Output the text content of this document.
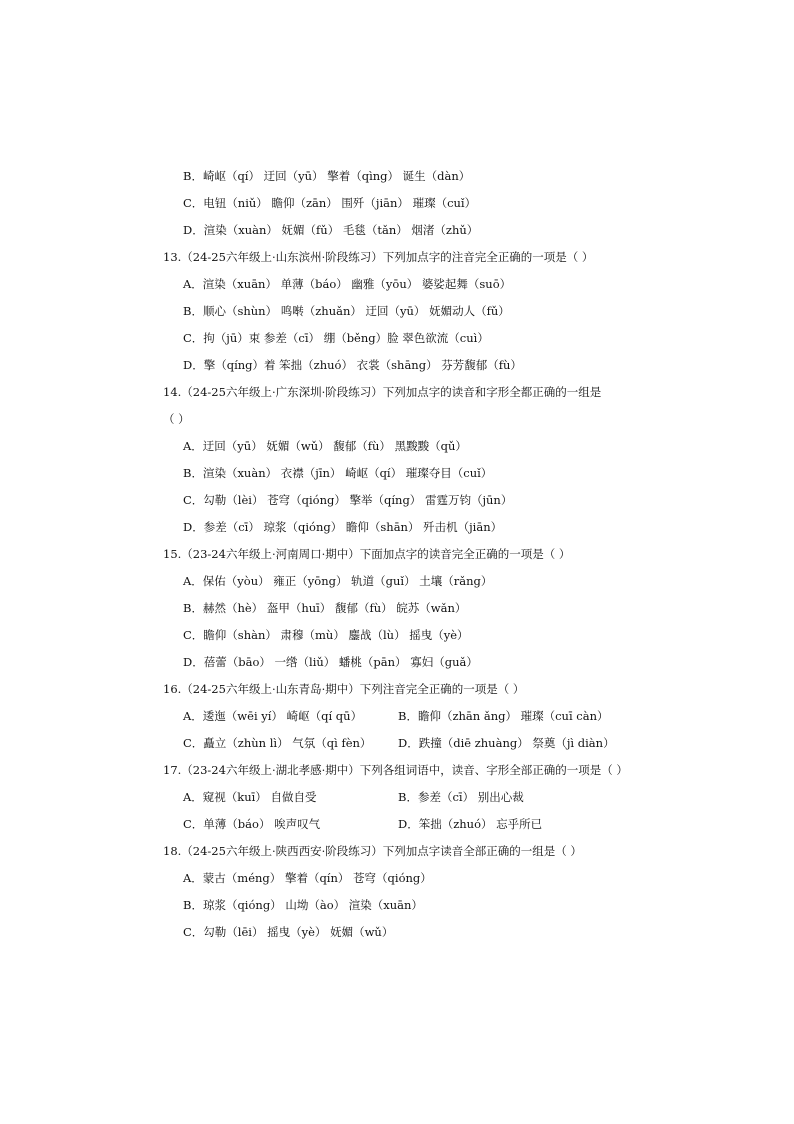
B．崎岖（qí） 迂回（yū） 擎着（qìng） 诞生（dàn）
C．电钮（niǔ） 瞻仰（zān） 围歼（jiān） 璀璨（cuǐ）
D．渲染（xuàn） 妩媚（fǔ） 毛毯（tǎn） 烟渚（zhǔ）
13.（24-25六年级上·山东滨州·阶段练习）下列加点字的注音完全正确的一项是（ ）
A．渲染（xuān） 单薄（báo） 幽雅（yōu） 婆娑起舞（suō）
B．顺心（shùn） 鸣啭（zhuǎn） 迂回（yū） 妩媚动人（fǔ）
C．拘（jū）束 参差（cī） 绷（běng）脸 翠色欲流（cuì）
D．擎（qíng）着 笨拙（zhuó） 衣裳（shāng） 芬芳馥郁（fù）
14.（24-25六年级上·广东深圳·阶段练习）下列加点字的读音和字形全都正确的一组是
（ ）
A．迂回（yū） 妩媚（wǔ） 馥郁（fù） 黑黢黢（qǔ）
B．渲染（xuàn） 衣襟（jīn） 崎岖（qí） 璀璨夺目（cuǐ）
C．勾勒（lèi） 苍穹（qióng） 擎举（qíng） 雷霆万钧（jūn）
D．参差（cī） 琼浆（qióng） 瞻仰（shān） 歼击机（jiān）
15.（23-24六年级上·河南周口·期中）下面加点字的读音完全正确的一项是（ ）
A．保佑（yòu） 雍正（yōng） 轨道（guǐ） 土壤（rǎng）
B．赫然（hè） 盔甲（huī） 馥郁（fù） 皖苏（wǎn）
C．瞻仰（shàn） 肃穆（mù） 鏖战（lù） 摇曳（yè）
D．蓓蕾（bāo） 一绺（liǔ） 蟠桃（pān） 寡妇（guǎ）
16.（24-25六年级上·山东青岛·期中）下列注音完全正确的一项是（ ）
A．逶迤（wēi yí） 崎岖（qí qū）	B．瞻仰（zhān ǎng） 璀璨（cuī càn）
C．矗立（zhùn lì） 气氛（qì fèn） D．跌撞（diē zhuàng） 祭奠（jì diàn）
17.（23-24六年级上·湖北孝感·期中）下列各组词语中，读音、字形全部正确的一项是（ ）
A．窥视（kuī） 自做自受	B．参差（cī） 别出心裁
C．单薄（báo） 唉声叹气	D．笨拙（zhuó） 忘乎所已
18.（24-25六年级上·陕西西安·阶段练习）下列加点字读音全部正确的一组是（ ）
A．蒙古（méng） 擎着（qín） 苍穹（qióng）
B．琼浆（qióng） 山坳（ào） 渲染（xuān）
C．勾勒（lēi） 摇曳（yè） 妩媚（wǔ）
